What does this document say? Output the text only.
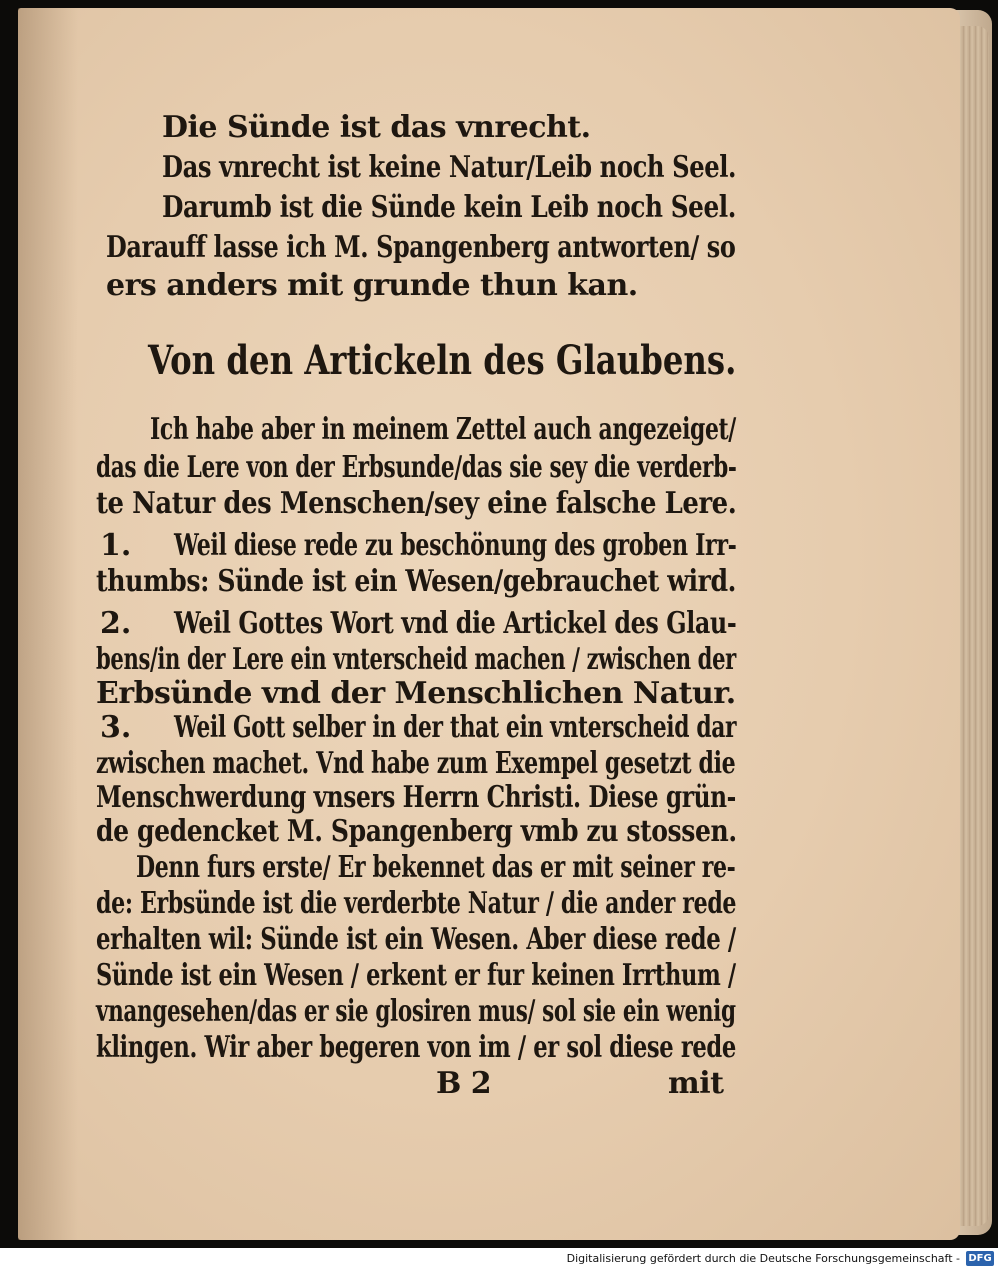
Die Sünde ist das vnrecht.
Das vnrecht ist keine Natur/Leib noch Seel.
Darumb ist die Sünde kein Leib noch Seel.
Darauff lasse ich M. Spangenberg antworten/ so
ers anders mit grunde thun kan.
Von den Artickeln des Glaubens.
Ich habe aber in meinem Zettel auch angezeiget/
das die Lere von der Erbsunde/das sie sey die verderb-
te Natur des Menschen/sey eine falsche Lere.
1. Weil diese rede zu beschönung des groben Irr-
thumbs: Sünde ist ein Wesen/gebrauchet wird.
2. Weil Gottes Wort vnd die Artickel des Glau-
bens/in der Lere ein vnterscheid machen / zwischen der
Erbsünde vnd der Menschlichen Natur.
3. Weil Gott selber in der that ein vnterscheid dar
zwischen machet. Vnd habe zum Exempel gesetzt die
Menschwerdung vnsers Herrn Christi. Diese grün-
de gedencket M. Spangenberg vmb zu stossen.
Denn furs erste/ Er bekennet das er mit seiner re-
de: Erbsünde ist die verderbte Natur / die ander rede
erhalten wil: Sünde ist ein Wesen. Aber diese rede /
Sünde ist ein Wesen / erkent er fur keinen Irrthum /
vnangesehen/das er sie glosiren mus/ sol sie ein wenig
klingen. Wir aber begeren von im / er sol diese rede
B 2	mit
Digitalisierung gefördert durch die Deutsche Forschungsgemeinschaft - DFG
